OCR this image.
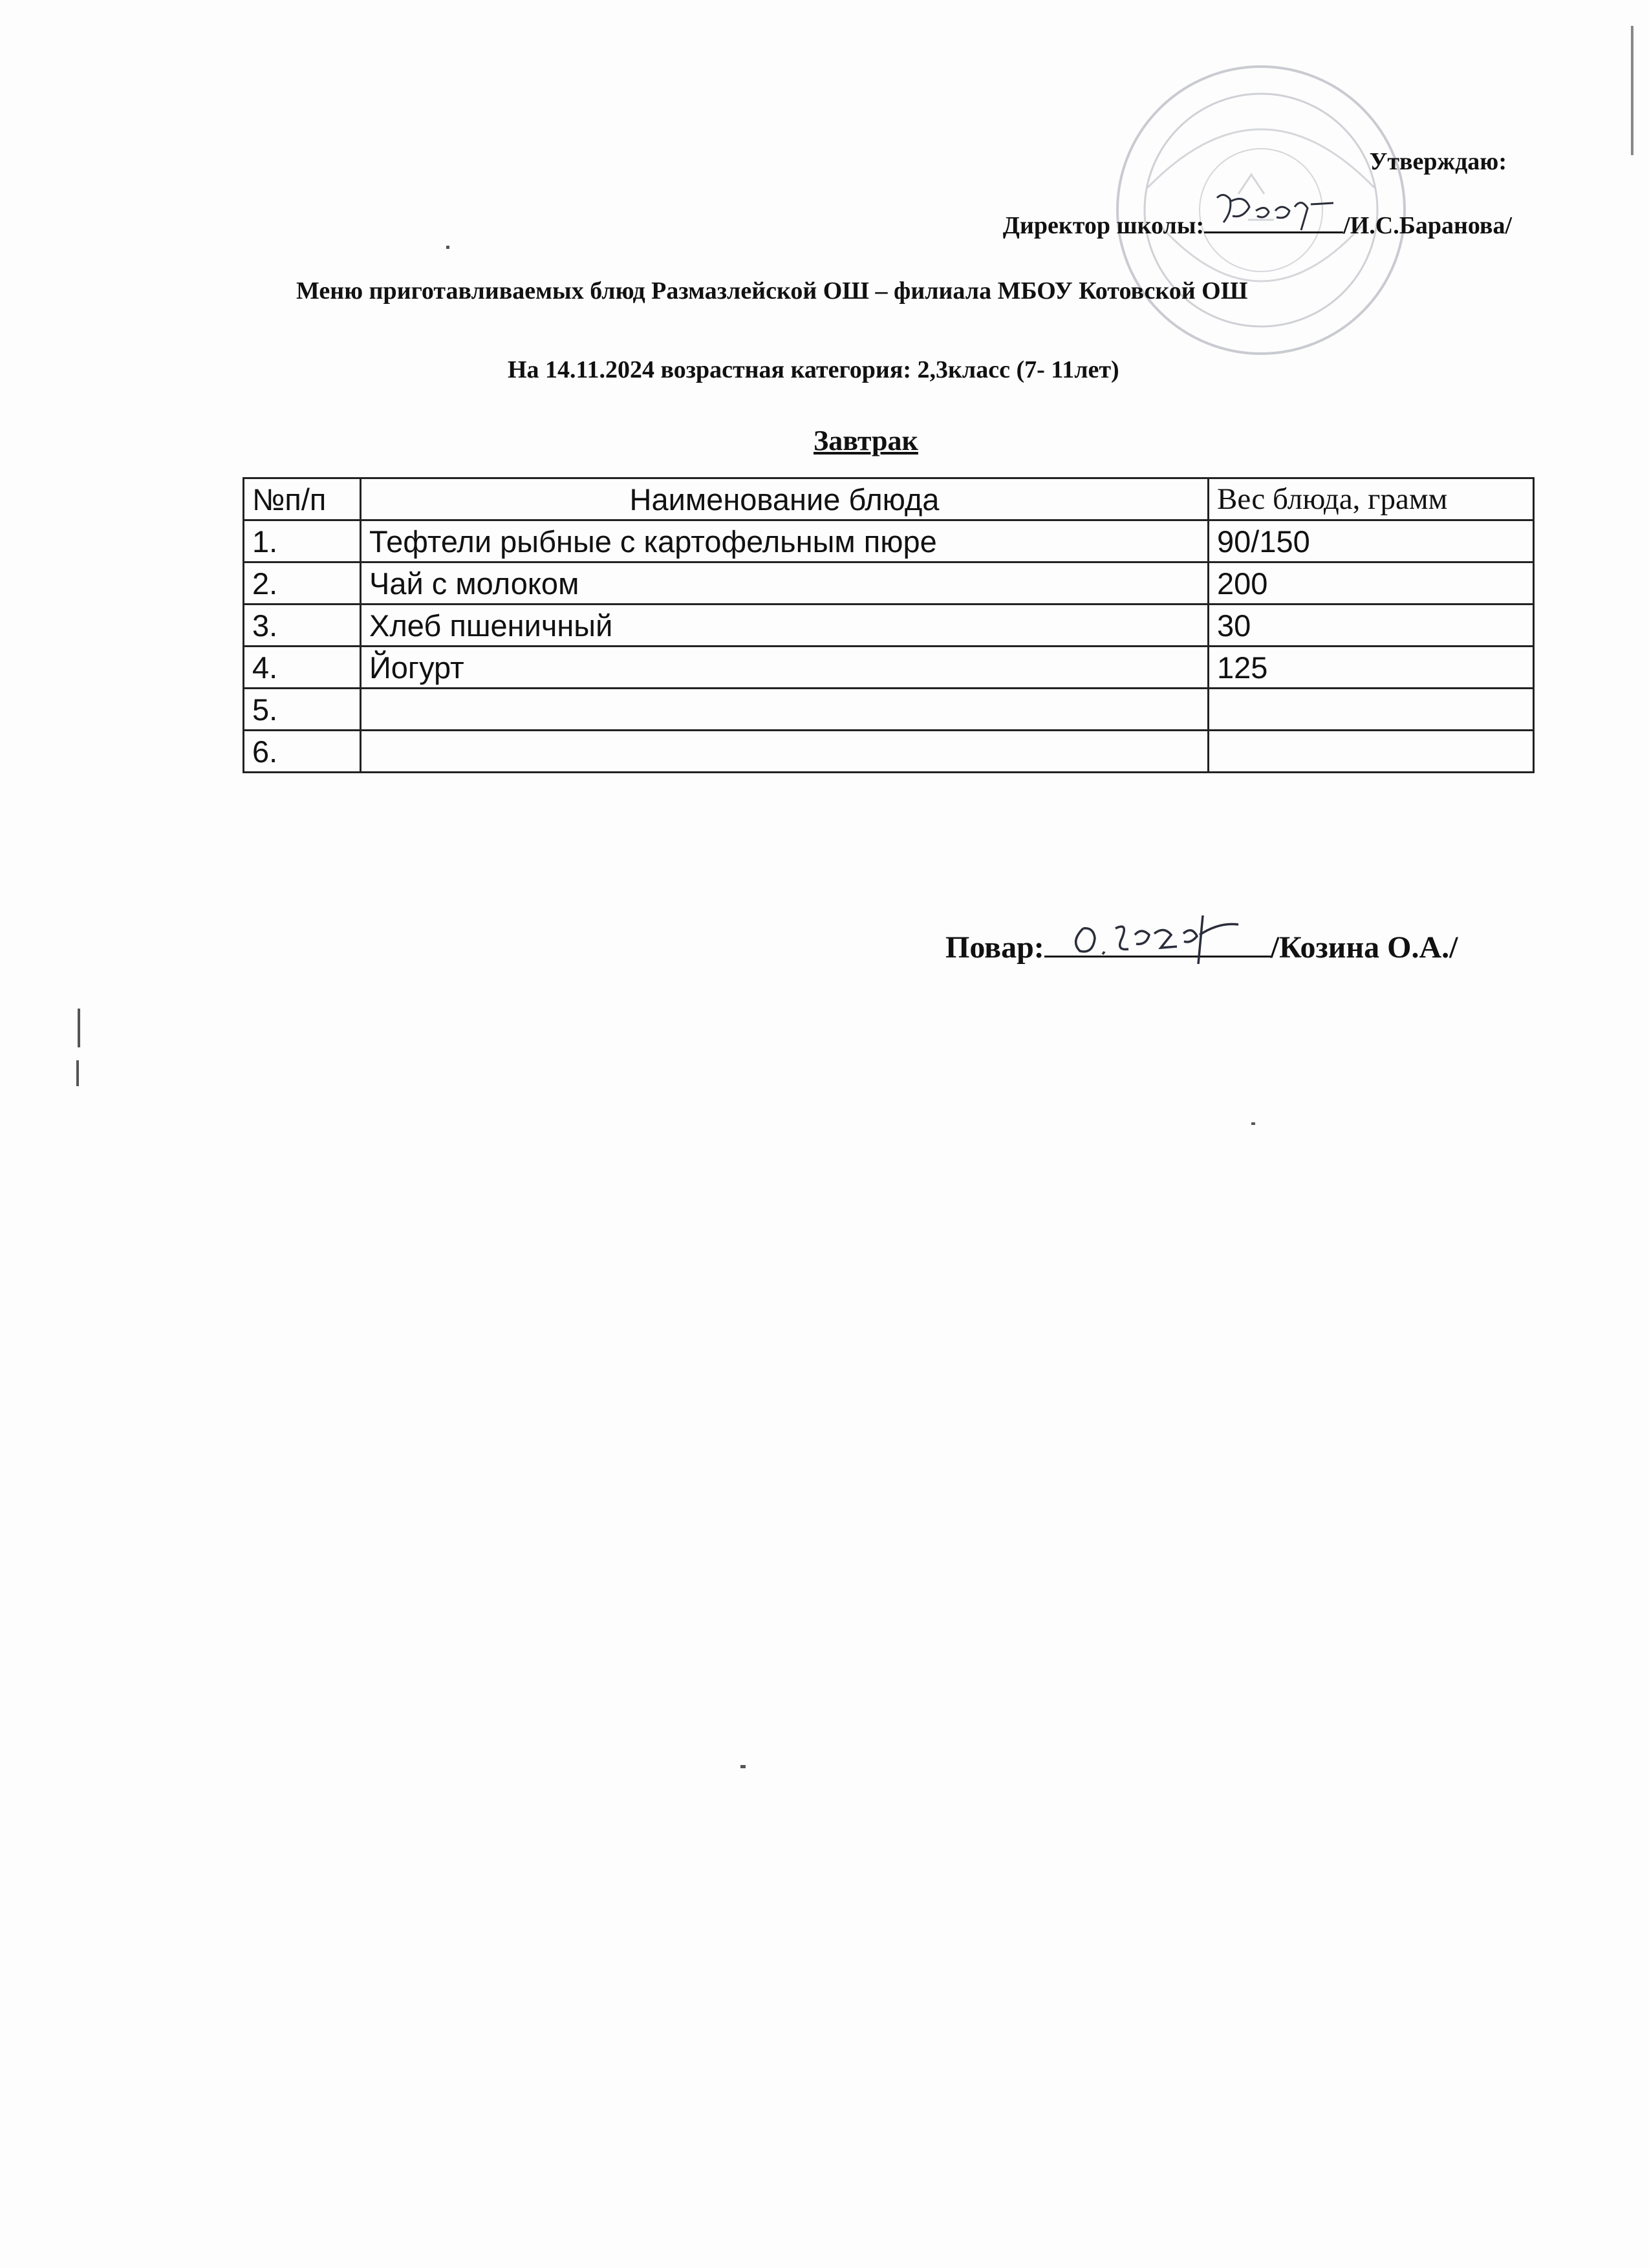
Утверждаю:
Директор школы:	/И.С.Баранова/
Меню приготавливаемых блюд Размазлейской ОШ – филиала МБОУ Котовской ОШ
На 14.11.2024 возрастная категория: 2,3класс (7- 11лет)
Завтрак
№п/п	Наименование блюда	Вес блюда, грамм
1.	Тефтели рыбные с картофельным пюре	90/150
2.	Чай с молоком	200
3.	Хлеб пшеничный	30
4.	Йогурт	125
5.		
6.		
Повар:	/Козина О.А./
